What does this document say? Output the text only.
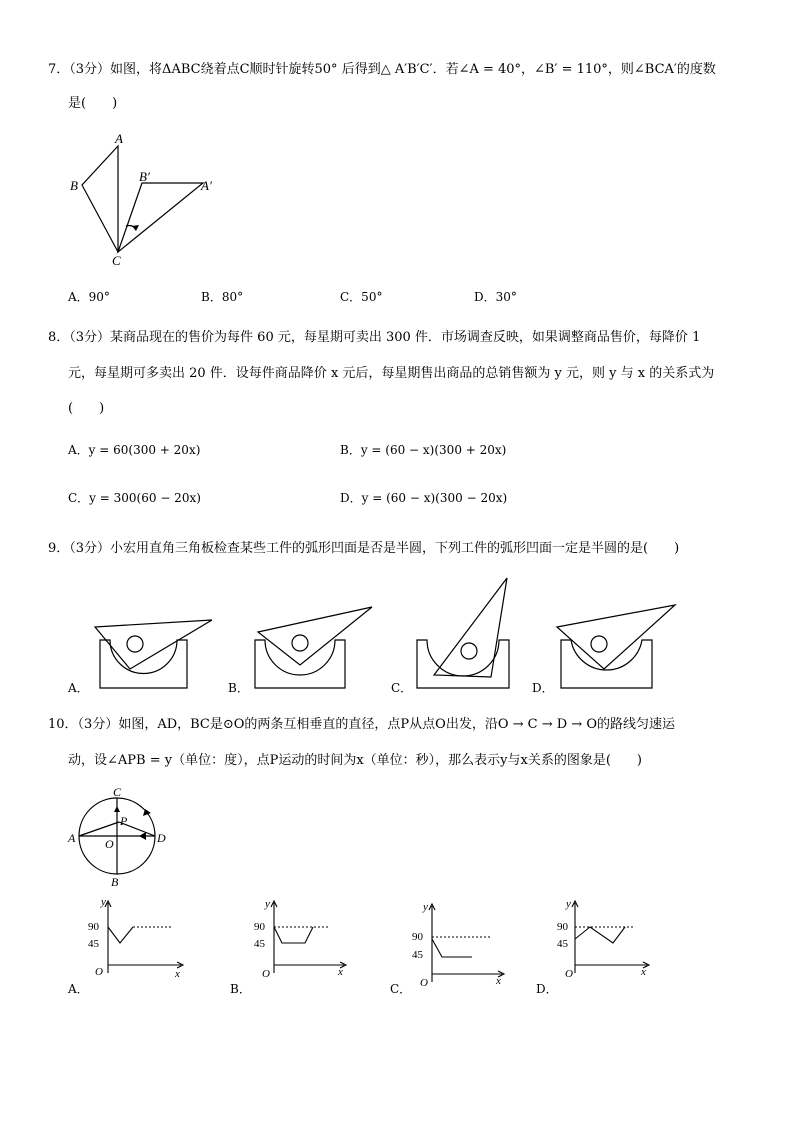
7．（3分）如图，将ΔABC绕着点C顺时针旋转50° 后得到△ A′B′C′．若∠A = 40°，∠B′ = 110°，则∠BCA′的度数
是(　　)
A
B
B′
A′
C
A．90°	B．80°	C．50°	D．30°
8．（3分）某商品现在的售价为每件 60 元，每星期可卖出 300 件．市场调查反映，如果调整商品售价，每降价 1
元，每星期可多卖出 20 件．设每件商品降价 x 元后，每星期售出商品的总销售额为 y 元，则 y 与 x 的关系式为
(　　)
A．y = 60(300 + 20x)	B．y = (60 − x)(300 + 20x)
C．y = 300(60 − 20x)	D．y = (60 − x)(300 − 20x)
9．（3分）小宏用直角三角板检查某些工件的弧形凹面是否是半圆，下列工件的弧形凹面一定是半圆的是(　　)
A．	B．	C．	D．
10．（3分）如图，AD，BC是⊙O的两条互相垂直的直径，点P从点O出发，沿O → C → D → O的路线匀速运
动，设∠APB = y（单位：度），点P运动的时间为x（单位：秒），那么表示y与x关系的图象是(　　)
C
P
A O	D
B
y
x
O
90
45
y
x
O
90
45
y
x
O
90
45
y
x
O
90
45
A．	B．	C．	D．
